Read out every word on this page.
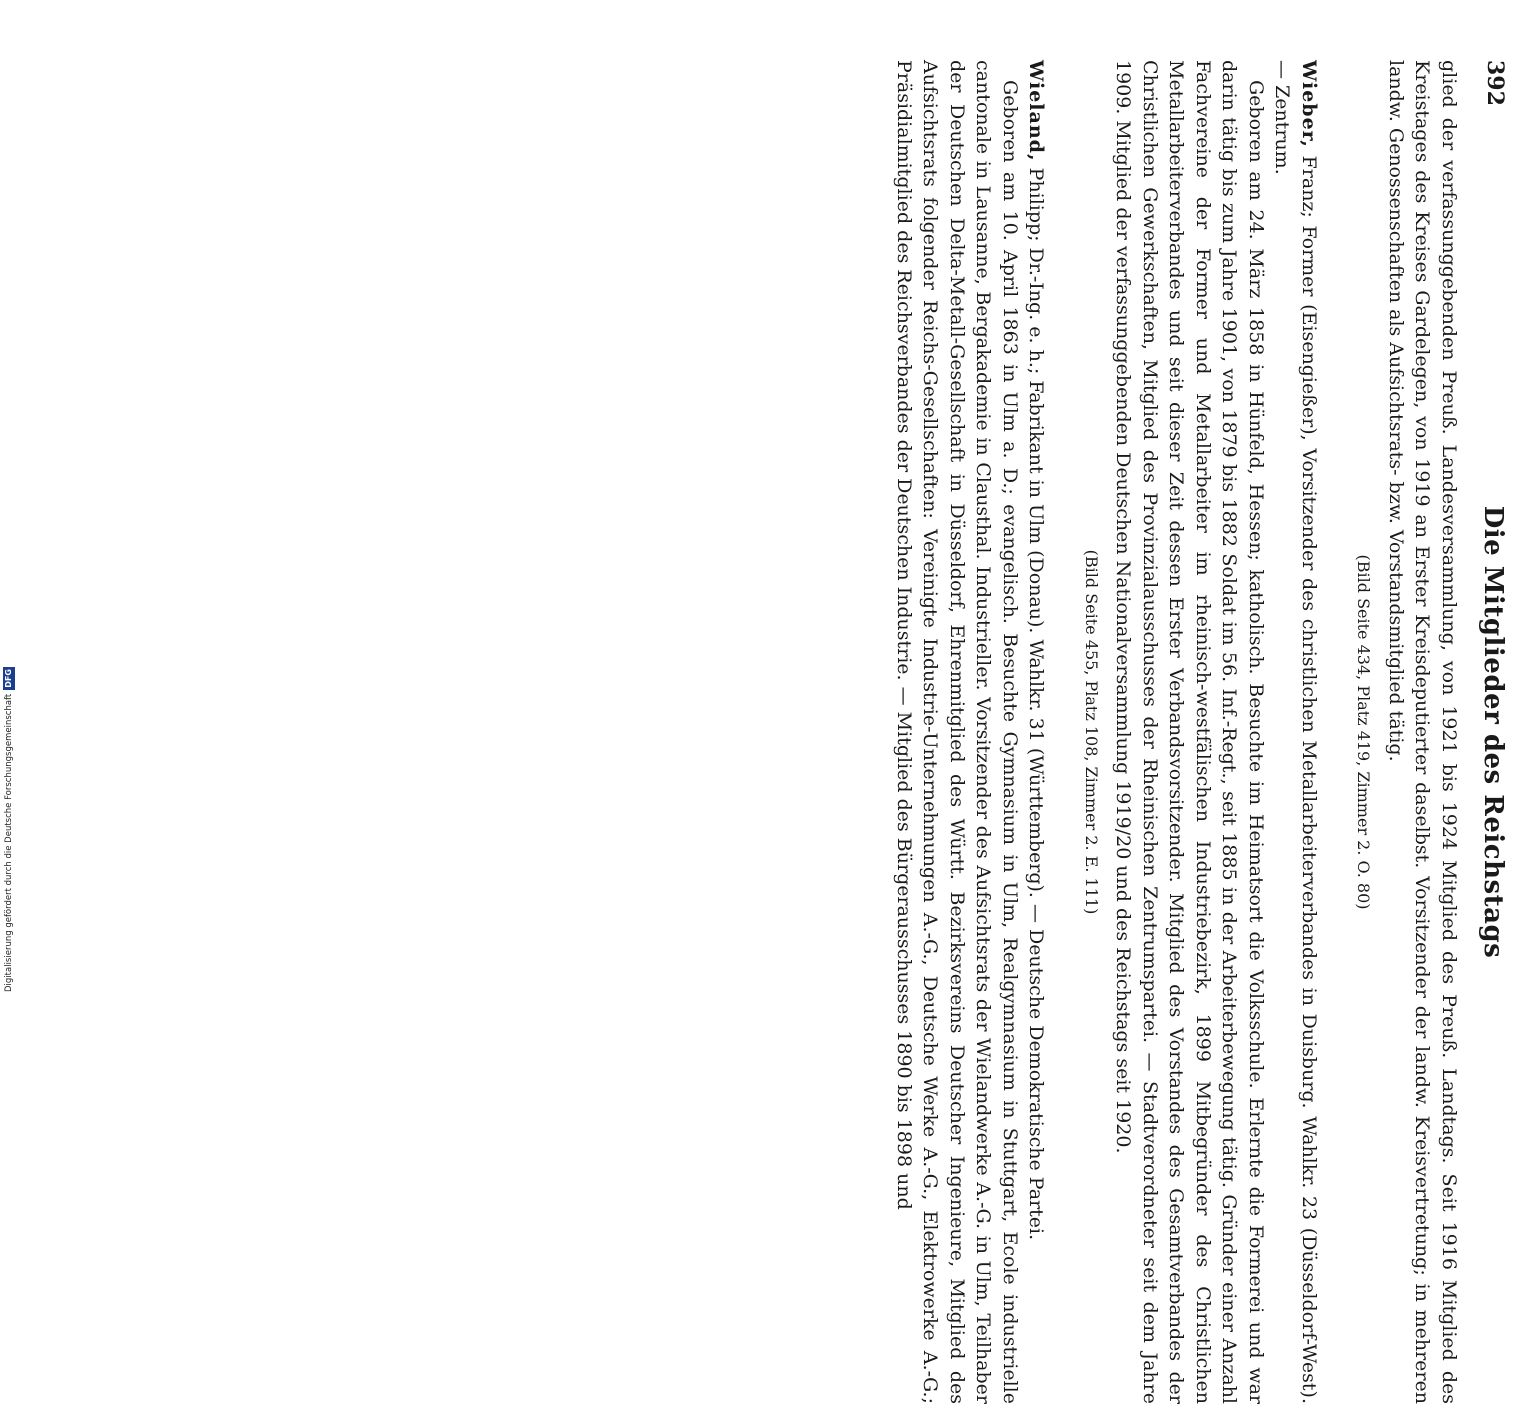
392
Die Mitglieder des Reichstags

glied der verfassunggebenden Preuß. Landesversammlung, von 1921 bis 1924 Mitglied des Preuß. Landtags. Seit 1916 Mitglied des Kreistages des Kreises Gardelegen, von 1919 an Erster Kreisdeputierter daselbst. Vorsitzender der landw. Kreisvertretung; in mehreren landw. Genossenschaften als Aufsichtsrats- bzw. Vorstandsmitglied tätig.

(Bild Seite 434, Platz 419, Zimmer 2. O. 80)

Wieber, Franz; Former (Eisengießer), Vorsitzender des christlichen Metallarbeiterverbandes in Duisburg. Wahlkr. 23 (Düsseldorf-West). — Zentrum.

Geboren am 24. März 1858 in Hünfeld, Hessen; katholisch. Besuchte im Heimatsort die Volksschule. Erlernte die Formerei und war darin tätig bis zum Jahre 1901, von 1879 bis 1882 Soldat im 56. Inf.-Regt., seit 1885 in der Arbeiterbewegung tätig. Gründer einer Anzahl Fachvereine der Former und Metallarbeiter im rheinisch-westfälischen Industriebezirk, 1899 Mitbegründer des Christlichen Metallarbeiterverbandes und seit dieser Zeit dessen Erster Verbandsvorsitzender. Mitglied des Vorstandes des Gesamtverbandes der Christlichen Gewerkschaften, Mitglied des Provinzialausschusses der Rheinischen Zentrumspartei. — Stadtverordneter seit dem Jahre 1909. Mitglied der verfassunggebenden Deutschen Nationalversammlung 1919/20 und des Reichstags seit 1920.

(Bild Seite 455, Platz 108, Zimmer 2. E. 111)

Wieland, Philipp; Dr.-Ing. e. h.; Fabrikant in Ulm (Donau). Wahlkr. 31 (Württemberg). — Deutsche Demokratische Partei.

Geboren am 10. April 1863 in Ulm a. D.; evangelisch. Besuchte Gymnasium in Ulm, Realgymnasium in Stuttgart, Ecole industrielle cantonale in Lausanne, Bergakademie in Clausthal. Industrieller. Vorsitzender des Aufsichtsrats der Wielandwerke A.-G. in Ulm, Teilhaber der Deutschen Delta-Metall-Gesellschaft in Düsseldorf, Ehrenmitglied des Württ. Bezirksvereins Deutscher Ingenieure, Mitglied des Aufsichtsrats folgender Reichs-Gesellschaften: Vereinigte Industrie-Unternehmungen A.-G., Deutsche Werke A.-G., Elektrowerke A.-G.; Präsidialmitglied des Reichsverbandes der Deutschen Industrie. — Mitglied des Bürgerausschusses 1890 bis 1898 und

Digitalisierung gefördert durch die Deutsche Forschungsgemeinschaft
DFG
